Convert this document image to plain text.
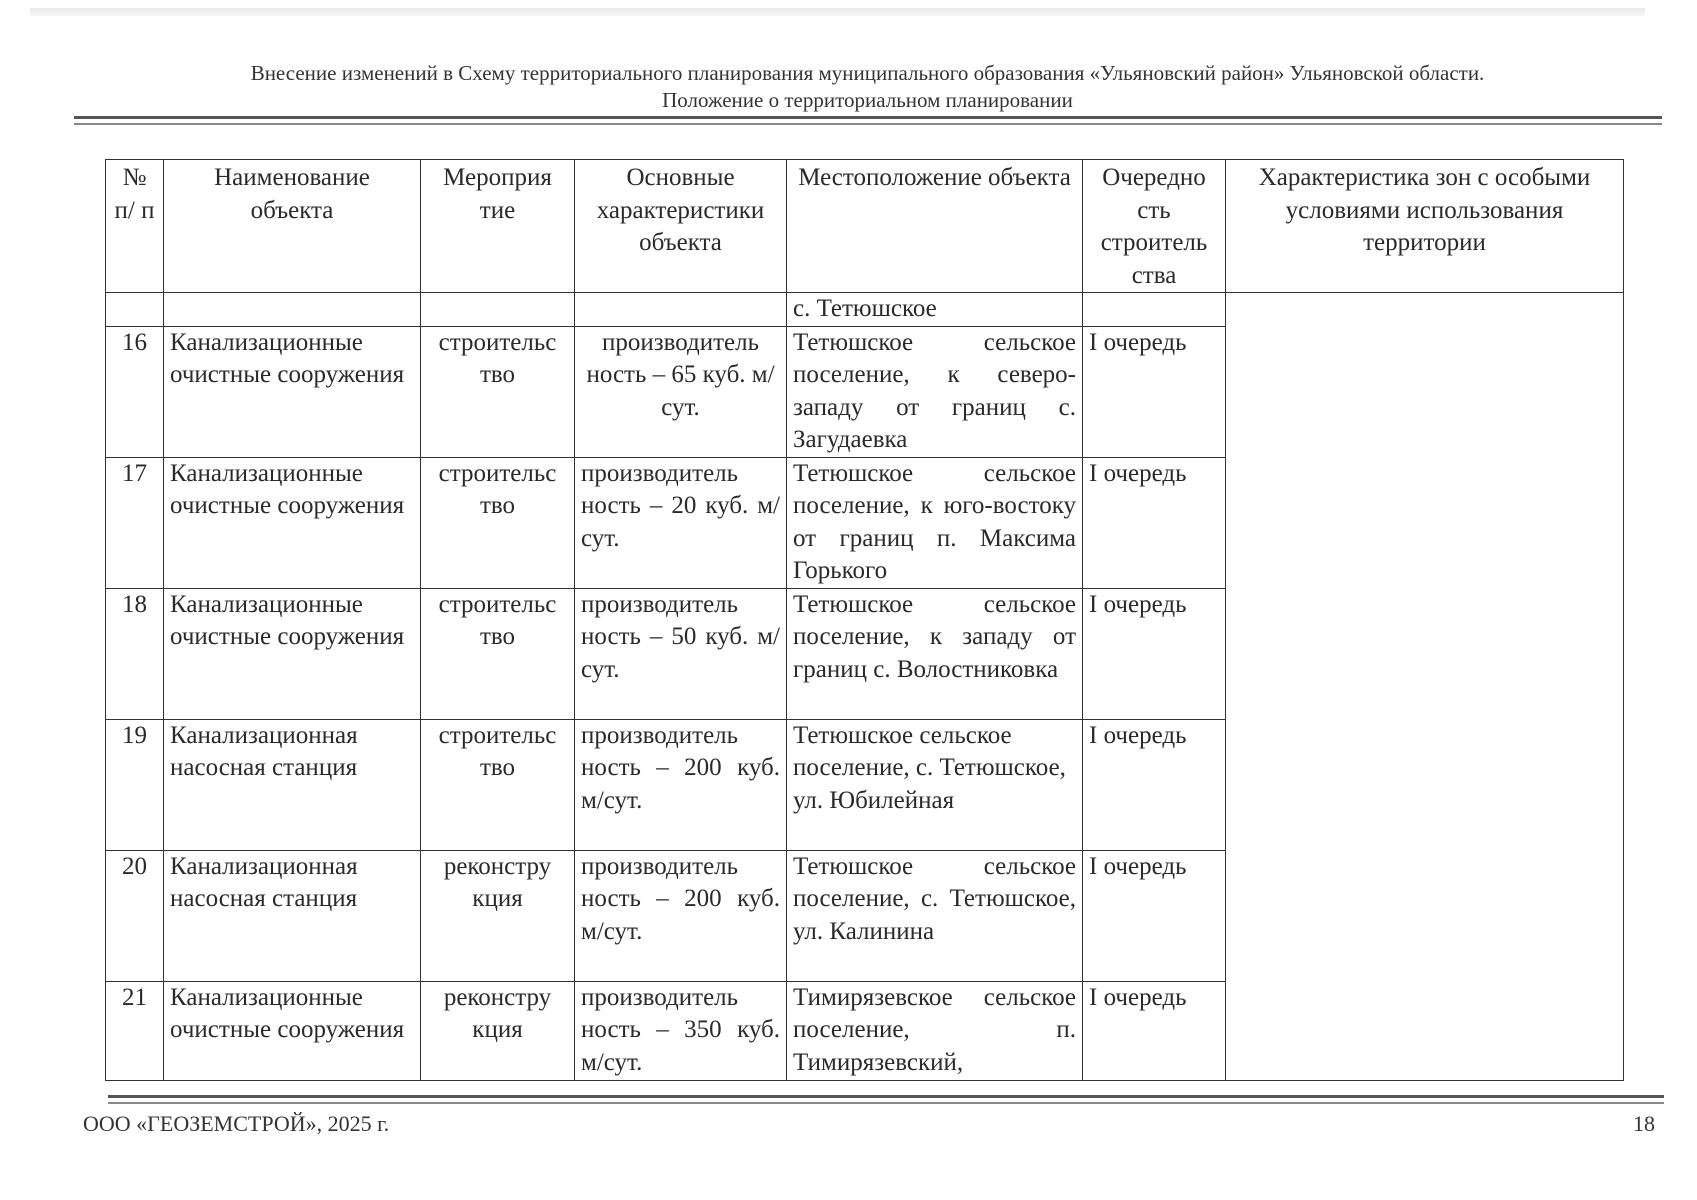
Внесение изменений в Схему территориального планирования муниципального образования «Ульяновский район» Ульяновской области.
Положение о территориальном планировании
№ п/ п	Наименование объекта	Мероприя тие	Основные характеристики объекта	Местоположение объекта	Очередно сть строитель ства	Характеристика зон с особыми условиями использования территории
				с. Тетюшское		
16	Канализационные очистные сооружения	строительс тво	производитель ность – 65 куб. м/сут.	Тетюшское сельское поселение, к северо-западу от границ с. Загудаевка	I очередь	
17	Канализационные очистные сооружения	строительс тво	производитель ность – 20 куб. м/сут.	Тетюшское сельское поселение, к юго-востоку от границ п. Максима Горького	I очередь	
18	Канализационные очистные сооружения	строительс тво	производитель ность – 50 куб. м/сут.	Тетюшское сельское поселение, к западу от границ с. Волостниковка	I очередь	
19	Канализационная насосная станция	строительс тво	производитель ность – 200 куб. м/сут.	Тетюшское сельское поселение, с. Тетюшское, ул. Юбилейная	I очередь	
20	Канализационная насосная станция	реконстру кция	производитель ность – 200 куб. м/сут.	Тетюшское сельское поселение, с. Тетюшское, ул. Калинина	I очередь	
21	Канализационные очистные сооружения	реконстру кция	производитель ность – 350 куб. м/сут.	Тимирязевское сельское поселение, п. Тимирязевский,	I очередь	
ООО «ГЕОЗЕМСТРОЙ», 2025 г.	18
